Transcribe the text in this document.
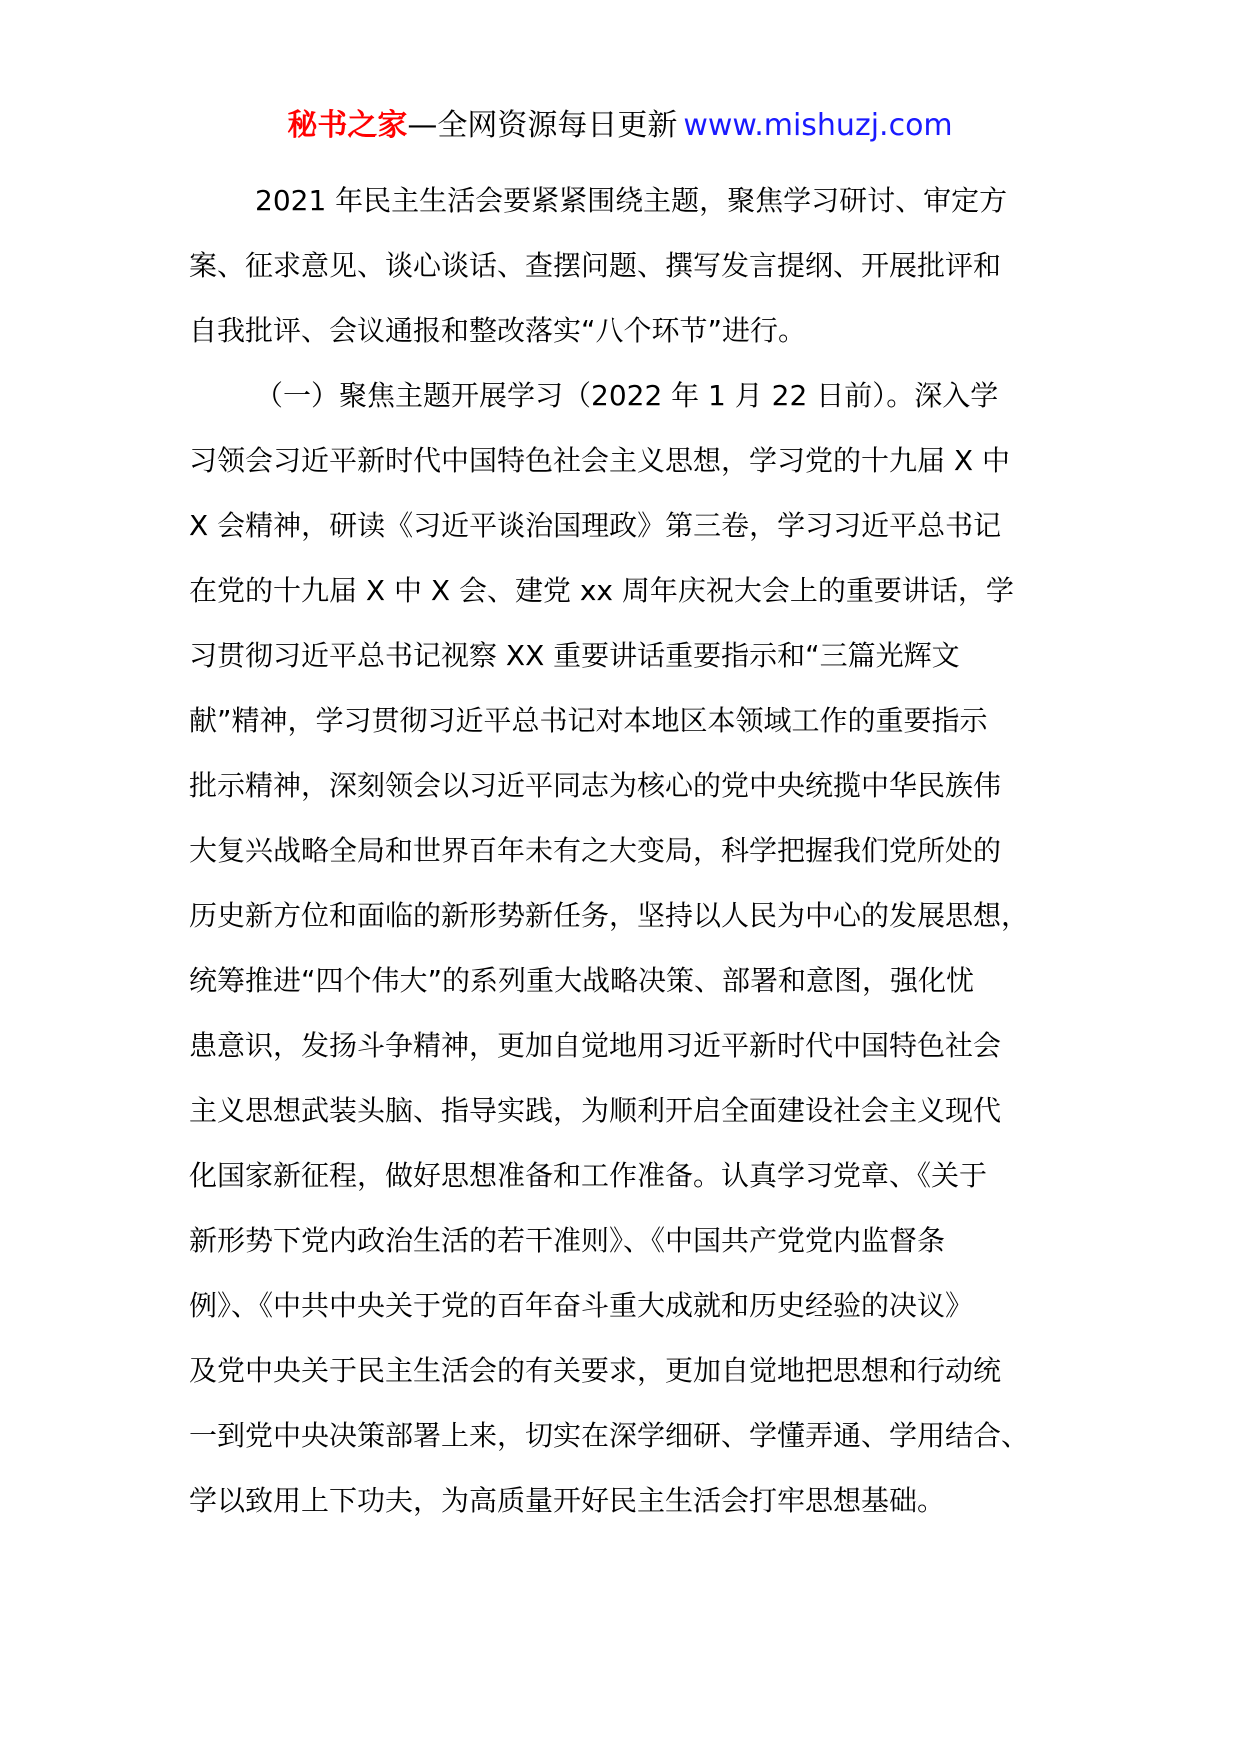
秘书之家—全网资源每日更新 www.mishuzj.com

2021 年民主生活会要紧紧围绕主题，聚焦学习研讨、审定方
案、征求意见、谈心谈话、查摆问题、撰写发言提纲、开展批评和
自我批评、会议通报和整改落实“八个环节”进行。

（一）聚焦主题开展学习（2022 年 1 月 22 日前）。深入学
习领会习近平新时代中国特色社会主义思想，学习党的十九届 X 中
X 会精神，研读《习近平谈治国理政》第三卷，学习习近平总书记
在党的十九届 X 中 X 会、建党 xx 周年庆祝大会上的重要讲话，学
习贯彻习近平总书记视察 XX 重要讲话重要指示和“三篇光辉文
献”精神，学习贯彻习近平总书记对本地区本领域工作的重要指示
批示精神，深刻领会以习近平同志为核心的党中央统揽中华民族伟
大复兴战略全局和世界百年未有之大变局，科学把握我们党所处的
历史新方位和面临的新形势新任务，坚持以人民为中心的发展思想，
统筹推进“四个伟大”的系列重大战略决策、部署和意图，强化忧
患意识，发扬斗争精神，更加自觉地用习近平新时代中国特色社会
主义思想武装头脑、指导实践，为顺利开启全面建设社会主义现代
化国家新征程，做好思想准备和工作准备。认真学习党章、《关于
新形势下党内政治生活的若干准则》、《中国共产党党内监督条
例》、《中共中央关于党的百年奋斗重大成就和历史经验的决议》
及党中央关于民主生活会的有关要求，更加自觉地把思想和行动统
一到党中央决策部署上来，切实在深学细研、学懂弄通、学用结合、
学以致用上下功夫，为高质量开好民主生活会打牢思想基础。
